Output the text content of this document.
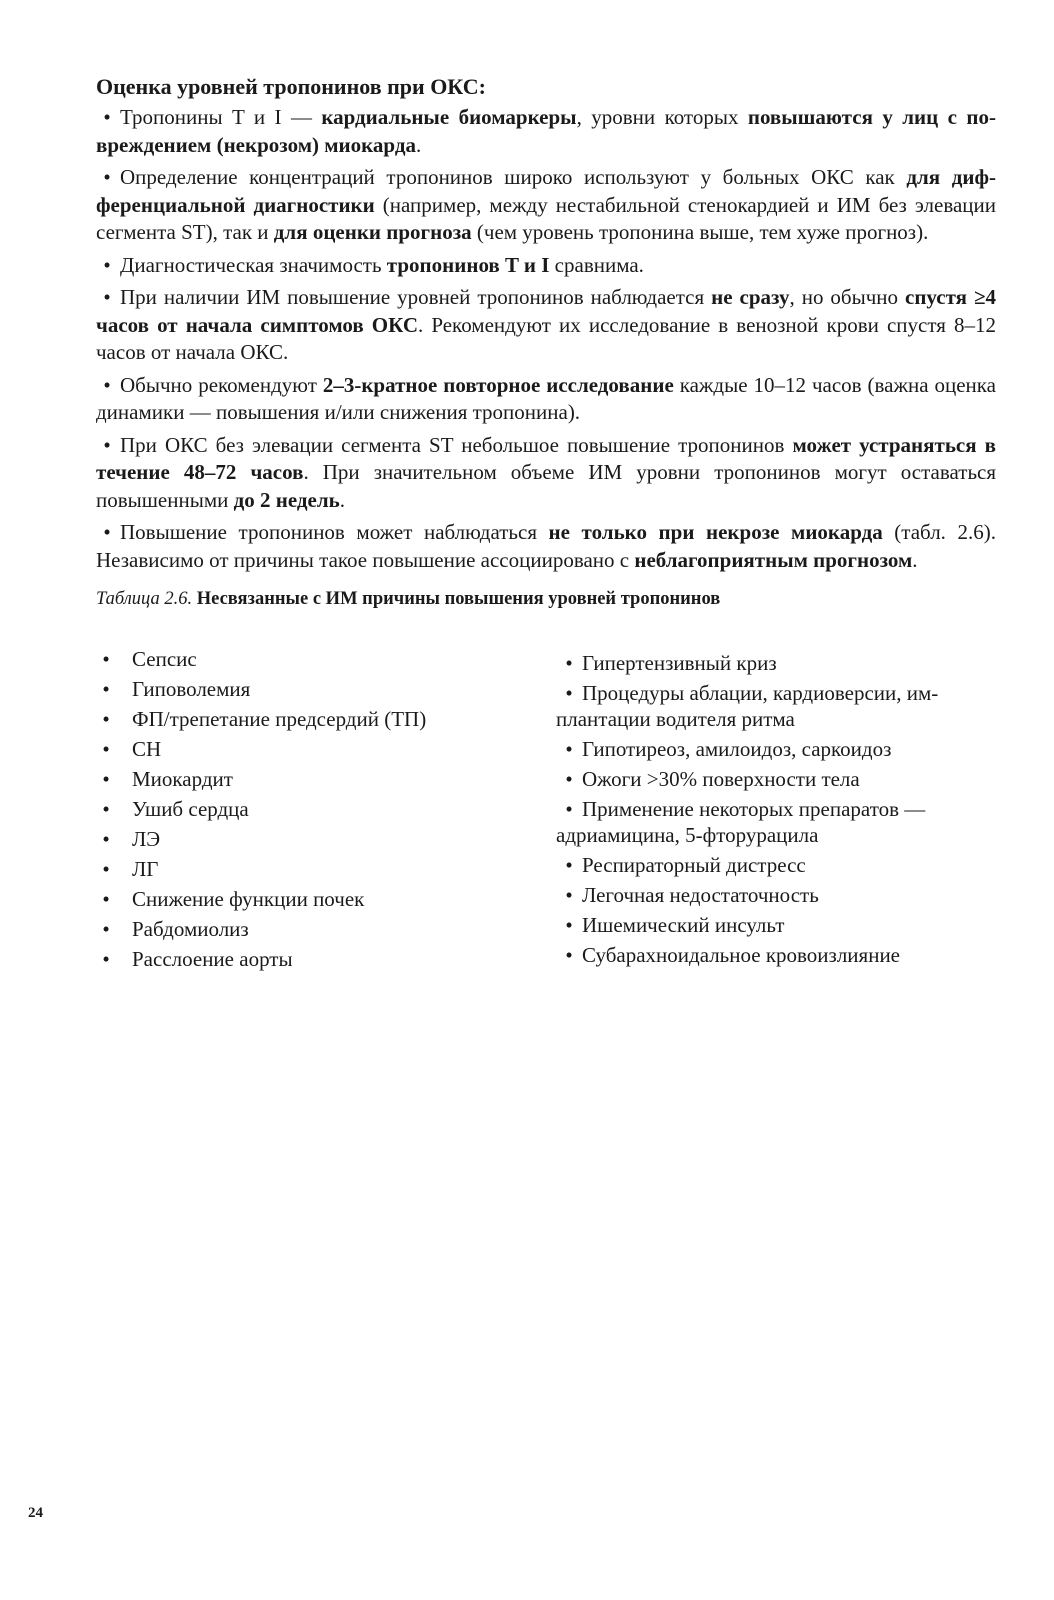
Оценка уровней тропонинов при ОКС:

• Тропонины T и I — кардиальные биомаркеры, уровни которых повышаются у лиц с повреждением (некрозом) миокарда.

• Определение концентраций тропонинов широко используют у больных ОКС как для дифференциальной диагностики (например, между нестабильной стенокардией и ИМ без элевации сегмента ST), так и для оценки прогноза (чем уровень тропонина выше, тем хуже прогноз).

• Диагностическая значимость тропонинов T и I сравнима.

• При наличии ИМ повышение уровней тропонинов наблюдается не сразу, но обычно спустя ≥4 часов от начала симптомов ОКС. Рекомендуют их исследование в венозной крови спустя 8–12 часов от начала ОКС.

• Обычно рекомендуют 2–3-кратное повторное исследование каждые 10–12 часов (важна оценка динамики — повышения и/или снижения тропонина).

• При ОКС без элевации сегмента ST небольшое повышение тропонинов может устраняться в течение 48–72 часов. При значительном объеме ИМ уровни тропонинов могут оставаться повышенными до 2 недель.

• Повышение тропонинов может наблюдаться не только при некрозе миокарда (табл. 2.6). Независимо от причины такое повышение ассоциировано с неблагоприятным прогнозом.

Таблица 2.6. Несвязанные с ИМ причины повышения уровней тропонинов
•	Сепсис
•	Гиповолемия
•	ФП/трепетание предсердий (ТП)
•	СН
•	Миокардит
•	Ушиб сердца
•	ЛЭ
•	ЛГ
•	Снижение функции почек
•	Рабдомиолиз
•	Расслоение аорты
• Гипертензивный криз
• Процедуры аблации, кардиоверсии, имплантации водителя ритма
• Гипотиреоз, амилоидоз, саркоидоз
• Ожоги >30% поверхности тела
• Применение некоторых препаратов — адриамицина, 5-фторурацила
• Респираторный дистресс
• Легочная недостаточность
• Ишемический инсульт
• Субарахноидальное кровоизлияние
24
